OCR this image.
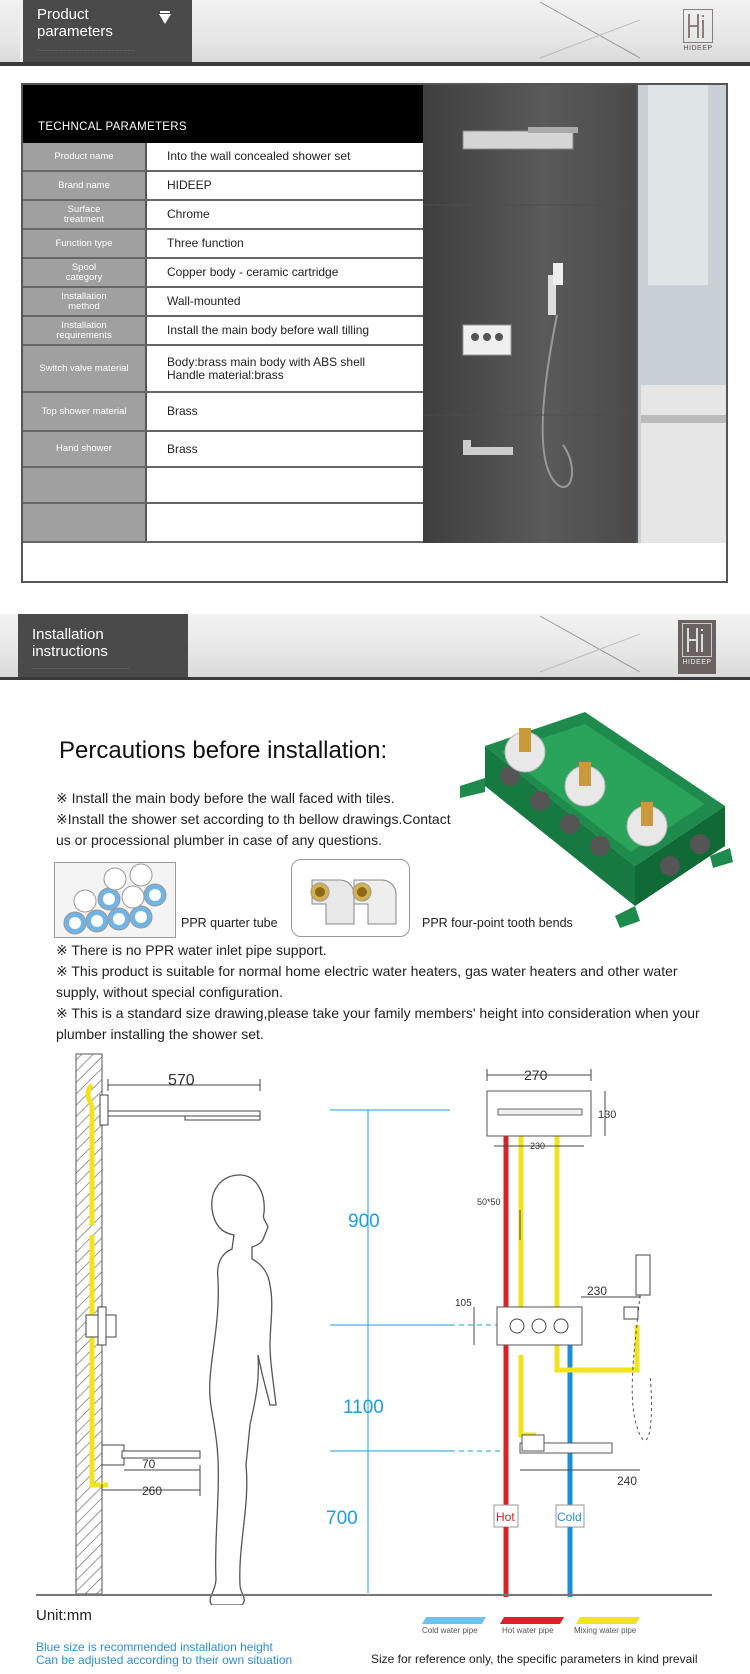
Product
parameters
·········································································	HIDEEP
TECHNCAL PARAMETERS
Product name	Into the wall concealed shower set
Brand name	HIDEEP
Surface
treatment	Chrome
Function type	Three function
Spool
category	Copper body - ceramic cartridge
Installation
method	Wall-mounted
Installation
requirements	Install the main body before wall tilling
Switch valve material	Body:brass main body with ABS shell
Handle material:brass
Top shower material	Brass
Hand shower	Brass
Installation
instructions
·········································································
HIDEEP
Percautions before installation:
※ Install the main body before the wall faced with tiles.
※Install the shower set according to th bellow drawings.Contact
us or processional plumber in case of any questions.
PPR quarter tube	PPR four-point tooth bends
※ There is no PPR water inlet pipe support.
※ This product is suitable for normal home electric water heaters, gas water heaters and other water supply, without special configuration.
※ This is a standard size drawing,please take your family members' height into consideration when your plumber installing the shower set.
570
70
260
900
1100
700
270
130
230
50*50
105
230
240
Hot	Cold
Unit:mm
Blue size is recommended installation height
Can be adjusted according to their own situation
Cold water pipe	Hot water pipe	Mixing water pipe
Size for reference only, the specific parameters in kind prevail
